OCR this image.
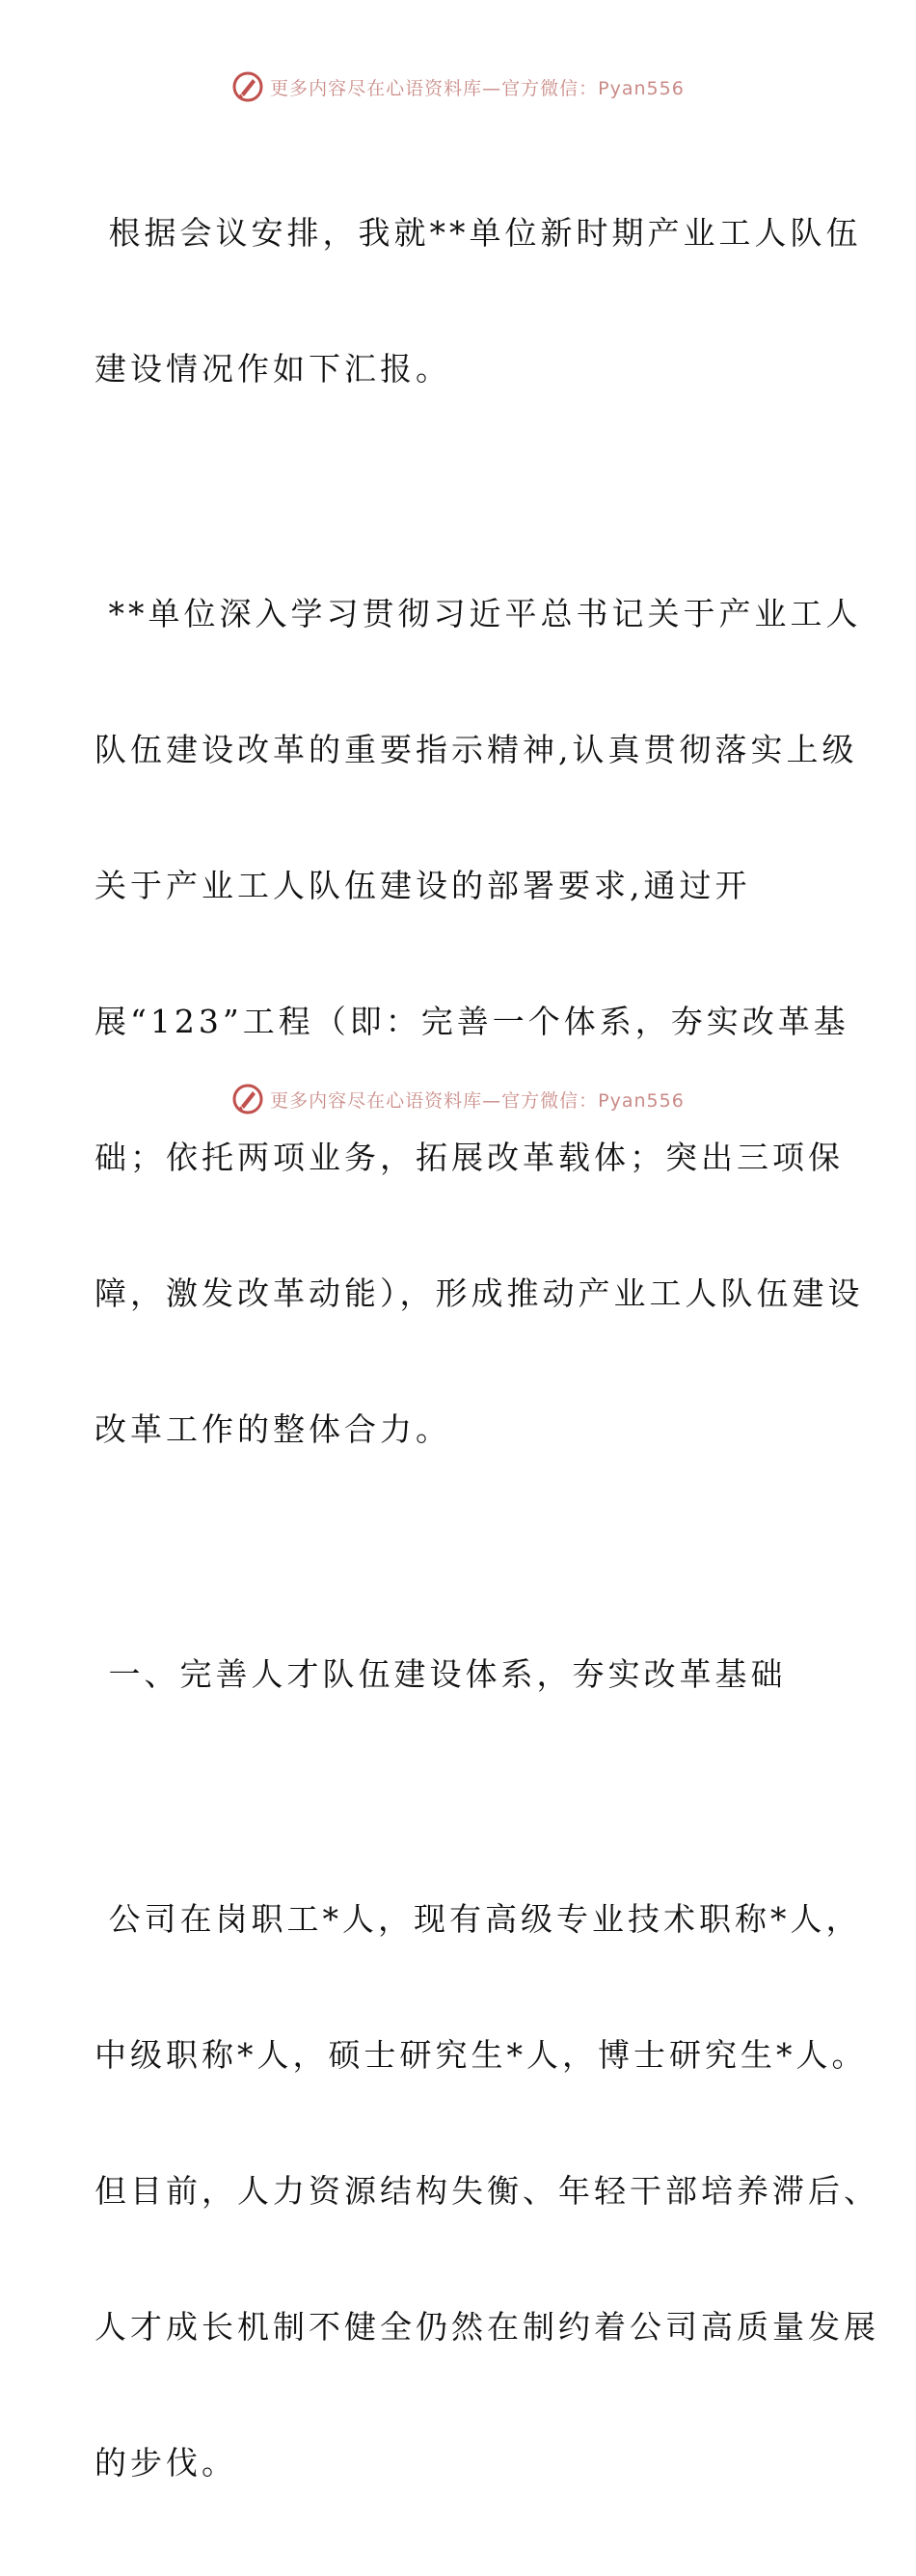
更多内容尽在心语资料库—官方微信：Pyan556

根据会议安排，我就**单位新时期产业工人队伍

建设情况作如下汇报。

**单位深入学习贯彻习近平总书记关于产业工人

队伍建设改革的重要指示精神,认真贯彻落实上级

关于产业工人队伍建设的部署要求,通过开

展“123”工程（即：完善一个体系，夯实改革基

础；依托两项业务，拓展改革载体；突出三项保

障，激发改革动能），形成推动产业工人队伍建设

改革工作的整体合力。

一、完善人才队伍建设体系，夯实改革基础

公司在岗职工*人，现有高级专业技术职称*人，

中级职称*人，硕士研究生*人，博士研究生*人。

但目前，人力资源结构失衡、年轻干部培养滞后、

人才成长机制不健全仍然在制约着公司高质量发展

的步伐。

更多内容尽在心语资料库—官方微信：Pyan556
